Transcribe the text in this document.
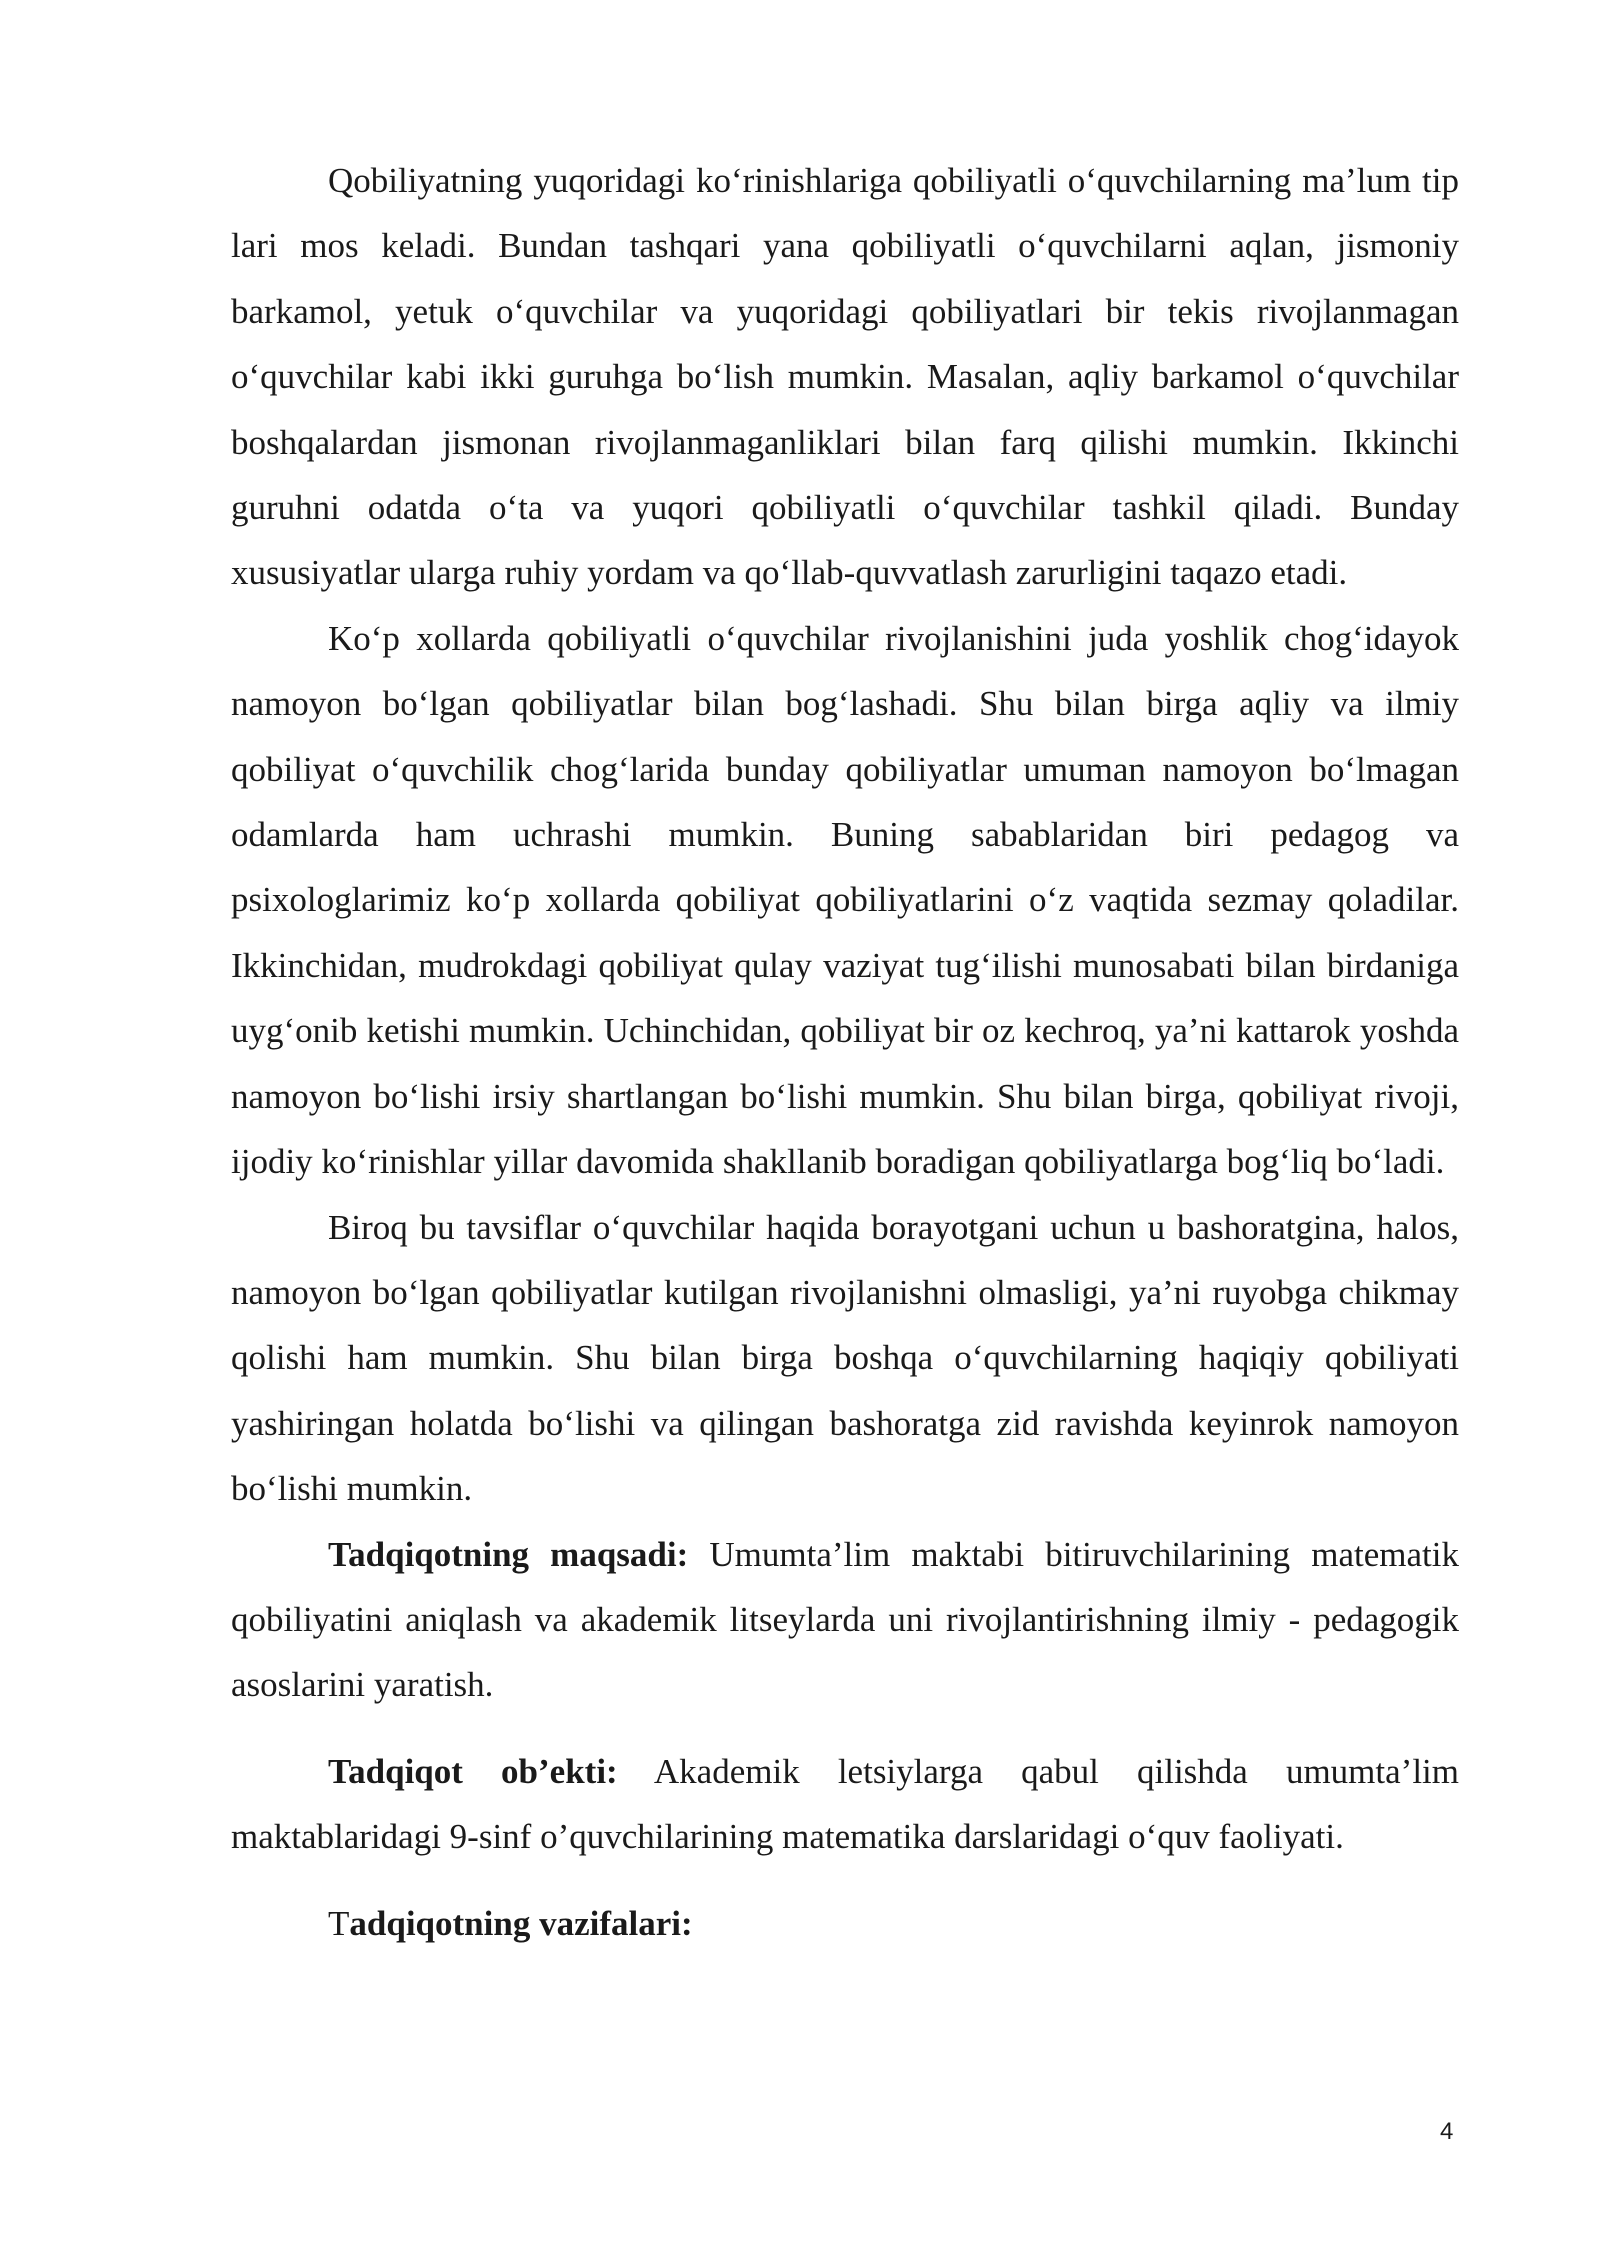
Qobiliyatning yuqoridagi ko‘rinishlariga qobiliyatli o‘quvchilarning ma’lum tip lari mos keladi. Bundan tashqari yana qobiliyatli o‘quvchilarni aqlan, jismoniy barkamol, yetuk o‘quvchilar va yuqoridagi qobiliyatlari bir tekis rivojlanmagan o‘quvchilar kabi ikki guruhga bo‘lish mumkin. Masalan, aqliy barkamol o‘quvchilar boshqalardan jismonan rivojlanmaganliklari bilan farq qilishi mumkin. Ikkinchi guruhni odatda o‘ta va yuqori qobiliyatli o‘quvchilar tashkil qiladi. Bunday xususiyatlar ularga ruhiy yordam va qo‘llab-quvvatlash zarurligini taqazo etadi.

Ko‘p xollarda qobiliyatli o‘quvchilar rivojlanishini juda yoshlik chog‘idayok namoyon bo‘lgan qobiliyatlar bilan bog‘lashadi. Shu bilan birga aqliy va ilmiy qobiliyat o‘quvchilik chog‘larida bunday qobiliyatlar umuman namoyon bo‘lmagan odamlarda ham uchrashi mumkin. Buning sabablaridan biri pedagog va psixologlarimiz ko‘p xollarda qobiliyat qobiliyatlarini o‘z vaqtida sezmay qoladilar. Ikkinchidan, mudrokdagi qobiliyat qulay vaziyat tug‘ilishi munosabati bilan birdaniga uyg‘onib ketishi mumkin. Uchinchidan, qobiliyat bir oz kechroq, ya’ni kattarok yoshda namoyon bo‘lishi irsiy shartlangan bo‘lishi mumkin. Shu bilan birga, qobiliyat rivoji, ijodiy ko‘rinishlar yillar davomida shakllanib boradigan qobiliyatlarga bog‘liq bo‘ladi.

Biroq bu tavsiflar o‘quvchilar haqida borayotgani uchun u bashoratgina, halos, namoyon bo‘lgan qobiliyatlar kutilgan rivojlanishni olmasligi, ya’ni ruyobga chikmay qolishi ham mumkin. Shu bilan birga boshqa o‘quvchilarning haqiqiy qobiliyati yashiringan holatda bo‘lishi va qilingan bashoratga zid ravishda keyinrok namoyon bo‘lishi mumkin.

Tadqiqotning maqsadi: Umumta’lim maktabi bitiruvchilarining matematik qobiliyatini aniqlash va akademik litseylarda uni rivojlantirishning ilmiy - pedagogik asoslarini yaratish.

Tadqiqot ob’ekti: Akademik letsiylarga qabul qilishda umumta’lim maktablaridagi 9-sinf o’quvchilarining matematika darslaridagi o‘quv faoliyati.

Tadqiqotning vazifalari:

4
